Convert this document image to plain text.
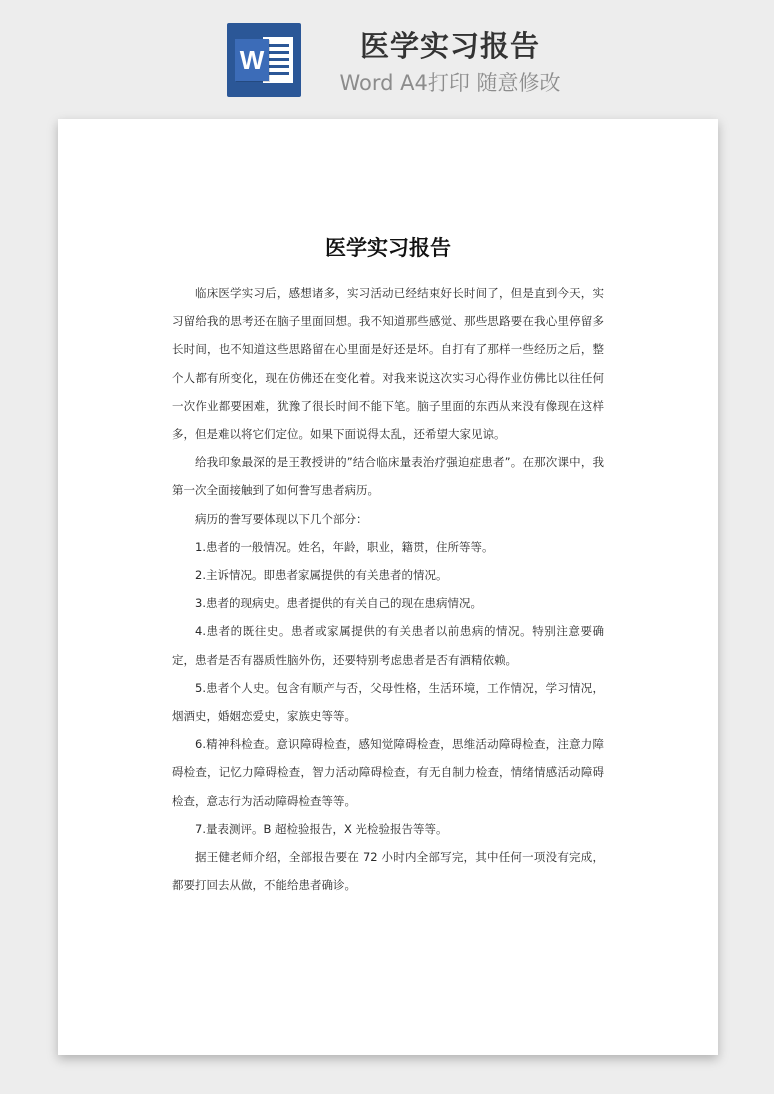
W	医学实习报告
Word A4打印 随意修改
医学实习报告

临床医学实习后，感想诸多，实习活动已经结束好长时间了，但是直到今天，实习留给我的思考还在脑子里面回想。我不知道那些感觉、那些思路要在我心里停留多长时间，也不知道这些思路留在心里面是好还是坏。自打有了那样一些经历之后，整个人都有所变化，现在仿佛还在变化着。对我来说这次实习心得作业仿佛比以往任何一次作业都要困难，犹豫了很长时间不能下笔。脑子里面的东西从来没有像现在这样多，但是难以将它们定位。如果下面说得太乱，还希望大家见谅。

给我印象最深的是王教授讲的”结合临床量表治疗强迫症患者”。在那次课中，我第一次全面接触到了如何誊写患者病历。

病历的誊写要体现以下几个部分：

1.患者的一般情况。姓名，年龄，职业，籍贯，住所等等。

2.主诉情况。即患者家属提供的有关患者的情况。

3.患者的现病史。患者提供的有关自己的现在患病情况。

4.患者的既往史。患者或家属提供的有关患者以前患病的情况。特别注意要确定，患者是否有器质性脑外伤，还要特别考虑患者是否有酒精依赖。

5.患者个人史。包含有顺产与否，父母性格，生活环境，工作情况，学习情况，烟酒史，婚姻恋爱史，家族史等等。

6.精神科检查。意识障碍检查，感知觉障碍检查，思维活动障碍检查，注意力障碍检查，记忆力障碍检查，智力活动障碍检查，有无自制力检查，情绪情感活动障碍检查，意志行为活动障碍检查等等。

7.量表测评。B 超检验报告，X 光检验报告等等。

据王健老师介绍，全部报告要在 72 小时内全部写完，其中任何一项没有完成，都要打回去从做，不能给患者确诊。
